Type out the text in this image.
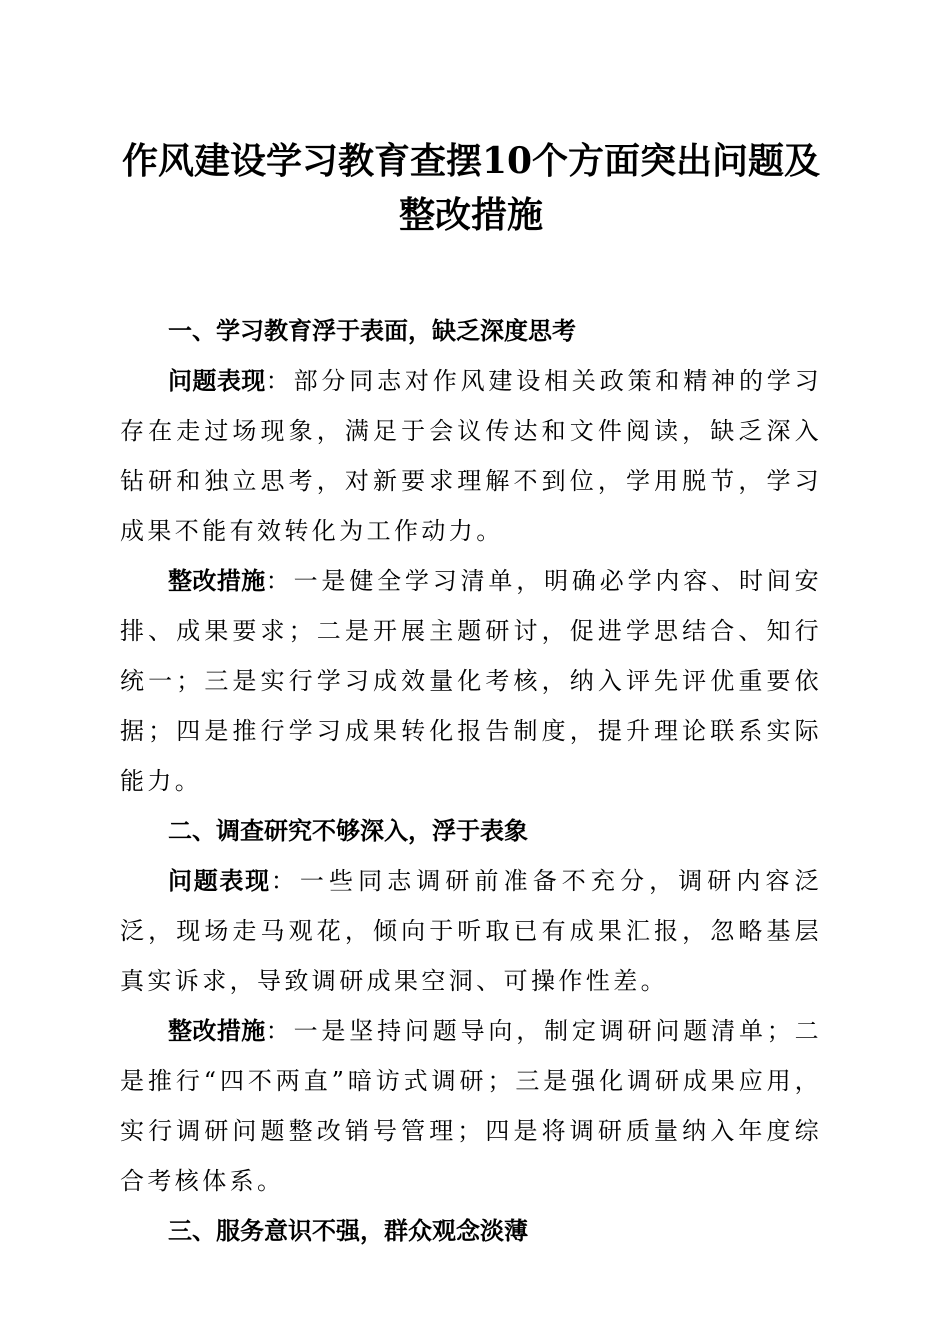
作风建设学习教育查摆10个方面突出问题及
整改措施

一、学习教育浮于表面，缺乏深度思考

问题表现：部分同志对作风建设相关政策和精神的学习存在走过场现象，满足于会议传达和文件阅读，缺乏深入钻研和独立思考，对新要求理解不到位，学用脱节，学习成果不能有效转化为工作动力。

整改措施：一是健全学习清单，明确必学内容、时间安排、成果要求；二是开展主题研讨，促进学思结合、知行统一；三是实行学习成效量化考核，纳入评先评优重要依据；四是推行学习成果转化报告制度，提升理论联系实际能力。

二、调查研究不够深入，浮于表象

问题表现：一些同志调研前准备不充分，调研内容泛泛，现场走马观花，倾向于听取已有成果汇报，忽略基层真实诉求，导致调研成果空洞、可操作性差。

整改措施：一是坚持问题导向，制定调研问题清单；二是推行“四不两直”暗访式调研；三是强化调研成果应用，实行调研问题整改销号管理；四是将调研质量纳入年度综合考核体系。

三、服务意识不强，群众观念淡薄
